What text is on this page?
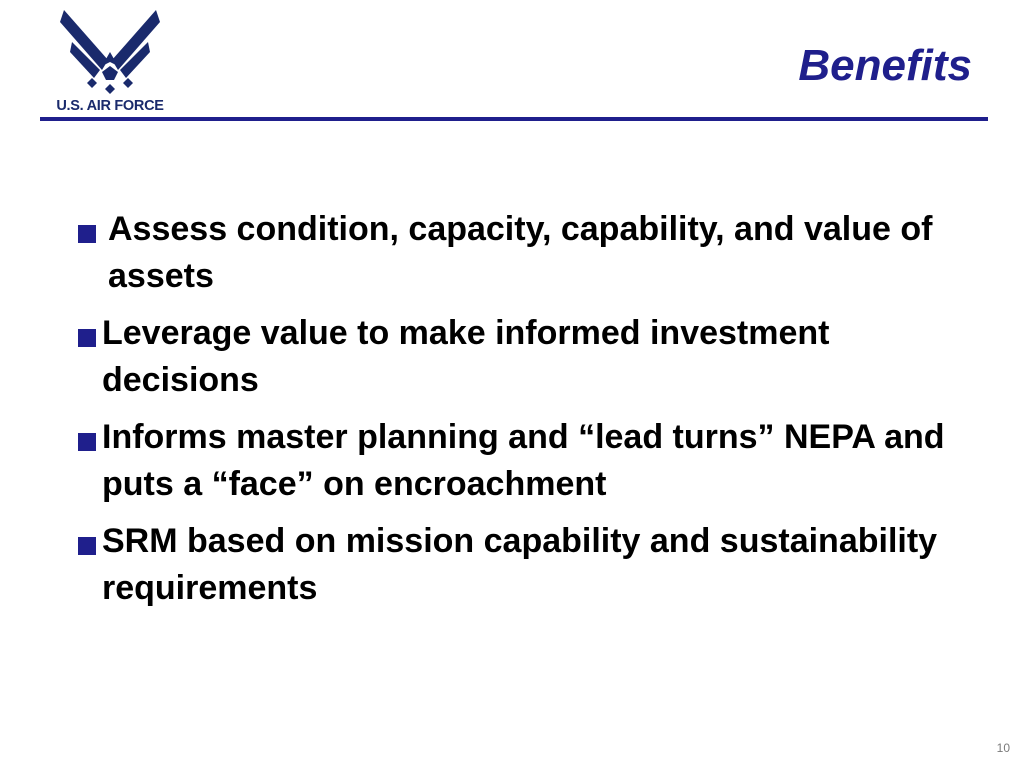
U.S. AIR FORCE
Benefits
Assess condition, capacity, capability, and value of assets
Leverage value to make informed investment decisions
Informs master planning and “lead turns” NEPA and puts a “face” on encroachment
SRM based on mission capability and sustainability requirements
10
